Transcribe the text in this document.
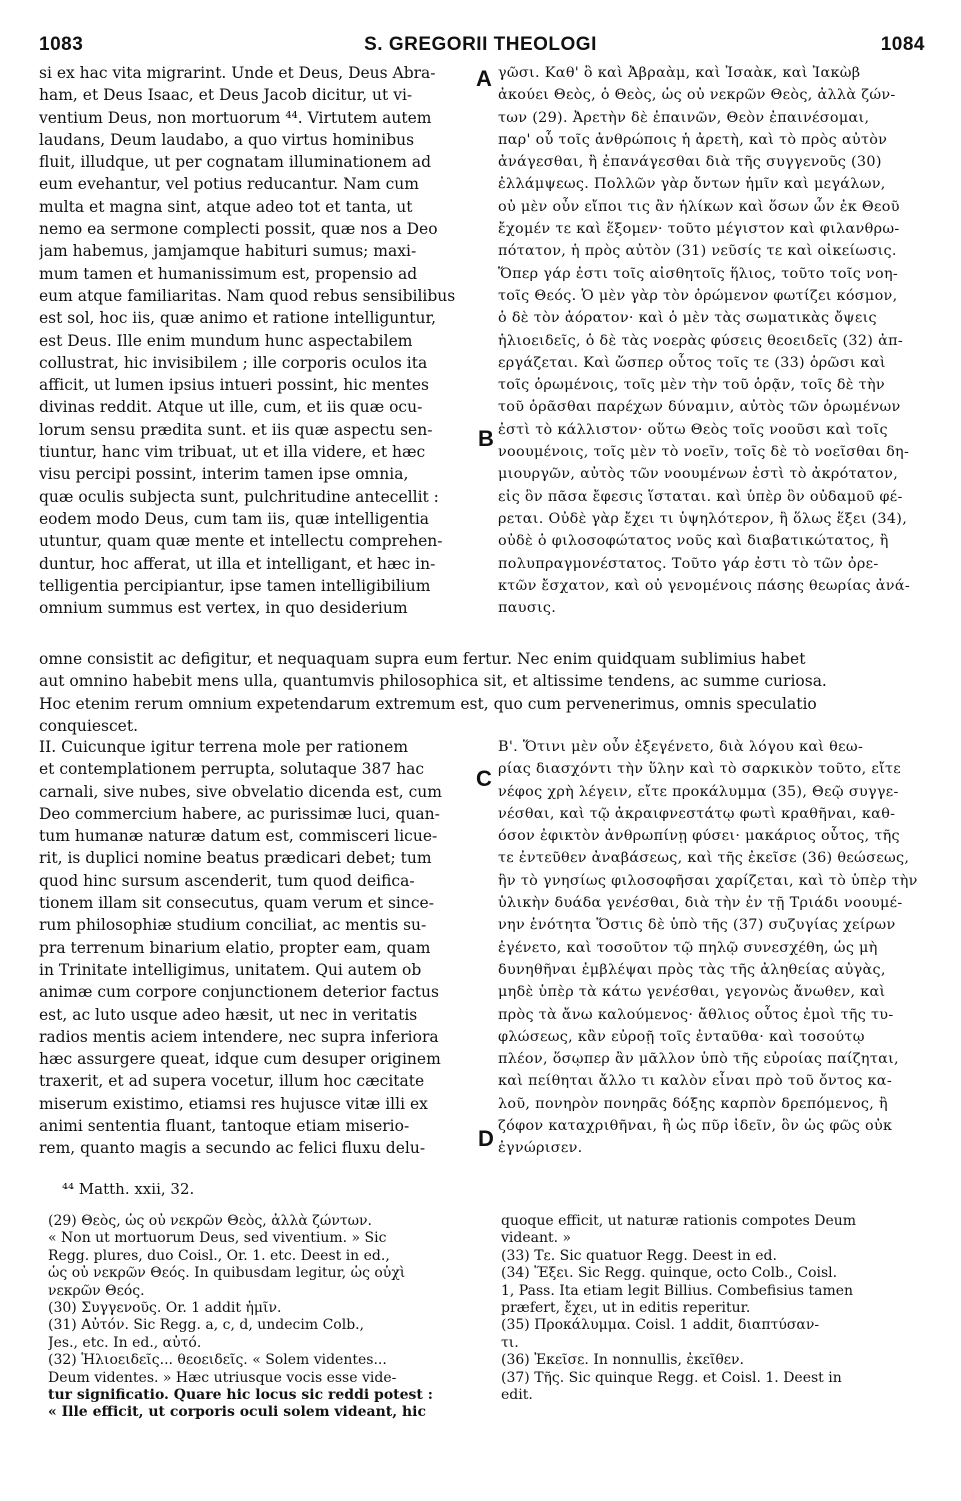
1083	S. GREGORII THEOLOGI	1084
si ex hac vita migrarint. Unde et Deus, Deus Abra-
ham, et Deus Isaac, et Deus Jacob dicitur, ut vi-
ventium Deus, non mortuorum ⁴⁴. Virtutem autem
laudans, Deum laudabo, a quo virtus hominibus
fluit, illudque, ut per cognatam illuminationem ad
eum evehantur, vel potius reducantur. Nam cum
multa et magna sint, atque adeo tot et tanta, ut
nemo ea sermone complecti possit, quæ nos a Deo
jam habemus, jamjamque habituri sumus; maxi-
mum tamen et humanissimum est, propensio ad
eum atque familiaritas. Nam quod rebus sensibilibus
est sol, hoc iis, quæ animo et ratione intelliguntur,
est Deus. Ille enim mundum hunc aspectabilem
collustrat, hic invisibilem ; ille corporis oculos ita
afficit, ut lumen ipsius intueri possint, hic mentes
divinas reddit. Atque ut ille, cum, et iis quæ ocu-
lorum sensu prædita sunt. et iis quæ aspectu sen-
tiuntur, hanc vim tribuat, ut et illa videre, et hæc
visu percipi possint, interim tamen ipse omnia,
quæ oculis subjecta sunt, pulchritudine antecellit :
eodem modo Deus, cum tam iis, quæ intelligentia
utuntur, quam quæ mente et intellectu comprehen-
duntur, hoc afferat, ut illa et intelligant, et hæc in-
telligentia percipiantur, ipse tamen intelligibilium
omnium summus est vertex, in quo desiderium
γῶσι. Καθ' ὃ καὶ Ἀβραὰμ, καὶ Ἰσαὰκ, καὶ Ἰακὼβ
ἀκούει Θεὸς, ὁ Θεὸς, ὡς οὐ νεκρῶν Θεὸς, ἀλλὰ ζών-
των (29). Ἀρετὴν δὲ ἐπαινῶν, Θεὸν ἐπαινέσομαι,
παρ' οὗ τοῖς ἀνθρώποις ἡ ἀρετὴ, καὶ τὸ πρὸς αὐτὸν
ἀνάγεσθαι, ἢ ἐπανάγεσθαι διὰ τῆς συγγενοῦς (30)
ἐλλάμψεως. Πολλῶν γὰρ ὄντων ἡμῖν καὶ μεγάλων,
οὐ μὲν οὖν εἴποι τις ἂν ἡλίκων καὶ ὅσων ὧν ἐκ Θεοῦ
ἔχομέν τε καὶ ἕξομεν· τοῦτο μέγιστον καὶ φιλανθρω-
πότατον, ἡ πρὸς αὐτὸν (31) νεῦσίς τε καὶ οἰκείωσις.
Ὅπερ γάρ ἐστι τοῖς αἰσθητοῖς ἥλιος, τοῦτο τοῖς νοη-
τοῖς Θεός. Ὁ μὲν γὰρ τὸν ὁρώμενον φωτίζει κόσμον,
ὁ δὲ τὸν ἀόρατον· καὶ ὁ μὲν τὰς σωματικὰς ὄψεις
ἡλιοειδεῖς, ὁ δὲ τὰς νοερὰς φύσεις θεοειδεῖς (32) ἀπ-
εργάζεται. Καὶ ὥσπερ οὗτος τοῖς τε (33) ὁρῶσι καὶ
τοῖς ὁρωμένοις, τοῖς μὲν τὴν τοῦ ὁρᾷν, τοῖς δὲ τὴν
τοῦ ὁρᾶσθαι παρέχων δύναμιν, αὐτὸς τῶν ὁρωμένων
ἐστὶ τὸ κάλλιστον· οὕτω Θεὸς τοῖς νοοῦσι καὶ τοῖς
νοουμένοις, τοῖς μὲν τὸ νοεῖν, τοῖς δὲ τὸ νοεῖσθαι δη-
μιουργῶν, αὐτὸς τῶν νοουμένων ἐστὶ τὸ ἀκρότατον,
εἰς ὃν πᾶσα ἔφεσις ἵσταται. καὶ ὑπὲρ ὃν οὐδαμοῦ φέ-
ρεται. Οὐδὲ γὰρ ἔχει τι ὑψηλότερον, ἢ ὅλως ἕξει (34),
οὐδὲ ὁ φιλοσοφώτατος νοῦς καὶ διαβατικώτατος, ἢ
πολυπραγμονέστατος. Τοῦτο γάρ ἐστι τὸ τῶν ὀρε-
κτῶν ἔσχατον, καὶ οὐ γενομένοις πάσης θεωρίας ἀνά-
παυσις.
A
B
C
D
omne consistit ac defigitur, et nequaquam supra eum fertur. Nec enim quidquam sublimius habet
aut omnino habebit mens ulla, quantumvis philosophica sit, et altissime tendens, ac summe curiosa.
Hoc etenim rerum omnium expetendarum extremum est, quo cum pervenerimus, omnis speculatio
conquiescet.
II. Cuicunque igitur terrena mole per rationem
et contemplationem perrupta, solutaque 387 hac
carnali, sive nubes, sive obvelatio dicenda est, cum
Deo commercium habere, ac purissimæ luci, quan-
tum humanæ naturæ datum est, commisceri licue-
rit, is duplici nomine beatus prædicari debet; tum
quod hinc sursum ascenderit, tum quod deifica-
tionem illam sit consecutus, quam verum et since-
rum philosophiæ studium conciliat, ac mentis su-
pra terrenum binarium elatio, propter eam, quam
in Trinitate intelligimus, unitatem. Qui autem ob
animæ cum corpore conjunctionem deterior factus
est, ac luto usque adeo hæsit, ut nec in veritatis
radios mentis aciem intendere, nec supra inferiora
hæc assurgere queat, idque cum desuper originem
traxerit, et ad supera vocetur, illum hoc cæcitate
miserum existimo, etiamsi res hujusce vitæ illi ex
animi sententia fluant, tantoque etiam miserio-
rem, quanto magis a secundo ac felici fluxu delu-
Β'. Ὅτινι μὲν οὖν ἐξεγένετο, διὰ λόγου καὶ θεω-
ρίας διασχόντι τὴν ὕλην καὶ τὸ σαρκικὸν τοῦτο, εἴτε
νέφος χρὴ λέγειν, εἴτε προκάλυμμα (35), Θεῷ συγγε-
νέσθαι, καὶ τῷ ἀκραιφνεστάτῳ φωτὶ κραθῆναι, καθ-
όσον ἐφικτὸν ἀνθρωπίνῃ φύσει· μακάριος οὗτος, τῆς
τε ἐντεῦθεν ἀναβάσεως, καὶ τῆς ἐκεῖσε (36) θεώσεως,
ἣν τὸ γνησίως φιλοσοφῆσαι χαρίζεται, καὶ τὸ ὑπὲρ τὴν
ὑλικὴν δυάδα γενέσθαι, διὰ τὴν ἐν τῇ Τριάδι νοουμέ-
νην ἑνότητα Ὅστις δὲ ὑπὸ τῆς (37) συζυγίας χείρων
ἐγένετο, καὶ τοσοῦτον τῷ πηλῷ συνεσχέθη, ὡς μὴ
δυνηθῆναι ἐμβλέψαι πρὸς τὰς τῆς ἀληθείας αὐγὰς,
μηδὲ ὑπὲρ τὰ κάτω γενέσθαι, γεγονὼς ἄνωθεν, καὶ
πρὸς τὰ ἄνω καλούμενος· ἄθλιος οὗτος ἐμοὶ τῆς τυ-
φλώσεως, κἂν εὐροῇ τοῖς ἐνταῦθα· καὶ τοσούτῳ
πλέον, ὅσῳπερ ἂν μᾶλλον ὑπὸ τῆς εὐροίας παίζηται,
καὶ πείθηται ἄλλο τι καλὸν εἶναι πρὸ τοῦ ὄντος κα-
λοῦ, πονηρὸν πονηρᾶς δόξης καρπὸν δρεπόμενος, ἢ
ζόφον καταχριθῆναι, ἢ ὡς πῦρ ἰδεῖν, ὃν ὡς φῶς οὐκ
ἐγνώρισεν.
⁴⁴ Matth. xxii, 32.
(29) Θεὸς, ὡς οὐ νεκρῶν Θεὸς, ἀλλὰ ζώντων.
« Non ut mortuorum Deus, sed viventium. » Sic
Regg. plures, duo Coisl., Or. 1. etc. Deest in ed.,
ὡς οὐ νεκρῶν Θεός. In quibusdam legitur, ὡς οὐχὶ
νεκρῶν Θεός.
(30) Συγγενοῦς. Or. 1 addit ἡμῖν.
(31) Αὐτόν. Sic Regg. a, c, d, undecim Colb.,
Jes., etc. In ed., αὐτό.
(32) Ἡλιοειδεῖς... θεοειδεῖς. « Solem videntes...
Deum videntes. » Hæc utriusque vocis esse vide-
tur significatio. Quare hic locus sic reddi potest :
« Ille efficit, ut corporis oculi solem videant, hic
quoque efficit, ut naturæ rationis compotes Deum
videant. »
(33) Τε. Sic quatuor Regg. Deest in ed.
(34) Ἕξει. Sic Regg. quinque, octo Colb., Coisl.
1, Pass. Ita etiam legit Billius. Combefisius tamen
præfert, ἔχει, ut in editis reperitur.
(35) Προκάλυμμα. Coisl. 1 addit, διαπτύσαν-
τι.
(36) Ἐκεῖσε. In nonnullis, ἐκεῖθεν.
(37) Τῆς. Sic quinque Regg. et Coisl. 1. Deest in
edit.
